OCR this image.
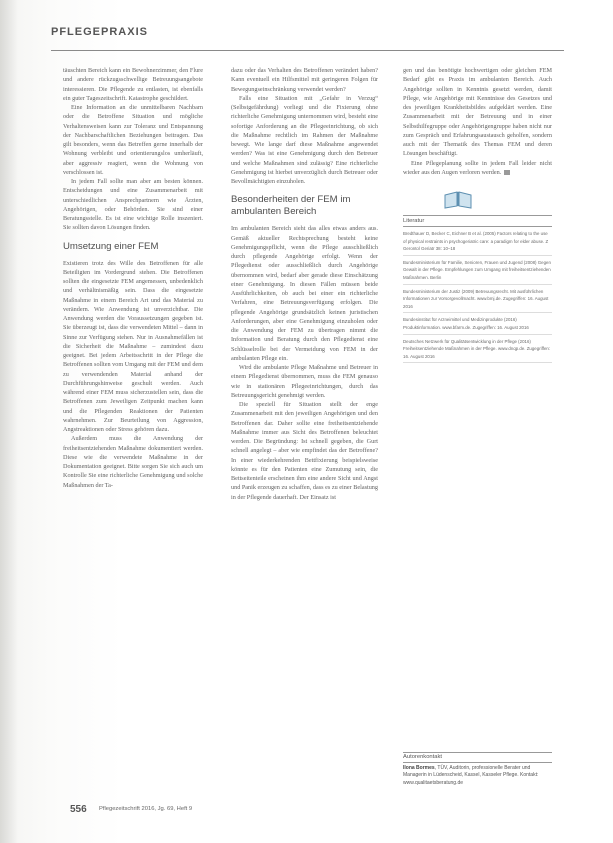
PFLEGEPRAXIS

täuschten Bereich kann ein Bewohnerzimmer, den Flure und andere rückzugsschwellige Betreuungsangebote interessieren. Die Pflegende zu entlasten, ist ebenfalls ein guter Tageszeitschrift. Katastrophe geschildert.

Eine Information an die unmittelbaren Nachbarn oder die Betroffene Situation und mögliche Verhaltensweisen kann zur Toleranz und Entspannung der Nachbarschaftlichen Beziehungen beitragen. Das gilt besonders, wenn das Betreffen gerne innerhalb der Wohnung verbleibt und orientierungslos umherläuft, aber aggressiv reagiert, wenn die Wohnung von verschlossen ist.

In jedem Fall sollte man aber am besten können. Entscheidungen und eine Zusammenarbeit mit unterschiedlichen Ansprechpartnern wie Ärzten, Angehörigen, oder Behörden. Sie sind einer Beratungsstelle. Es ist eine wichtige Rolle inszeniert. Sie sollten davon Lösungen finden.

Umsetzung einer FEM

Existieren trotz des Wille des Betroffenen für alle Beteiligten im Vordergrund stehen. Die Betroffenen sollten die eingesetzte FEM angemessen, unbedenklich und verhältnismäßig sein. Dass die eingesetzte Maßnahme in einem Bereich Art und das Material zu verändern. Wie Anwendung ist unverzichtbar. Die Anwendung werden die Voraussetzungen gegeben ist. Sie überzeugt ist, dass die verwendeten Mittel – dann in Sinne zur Verfügung stehen. Nur in Ausnahmefällen ist die Sicherheit die Maßnahme – zumindest dazu geeignet. Bei jedem Arbeitsschritt in der Pflege die Betroffenen sollten vom Umgang mit der FEM und dem zu verwendenden Material anhand der Durchführungshinweise geschult werden. Auch während einer FEM muss sicherzustellen sein, dass die Betroffenen zum Jeweiligen Zeitpunkt machen kann und die Pflegenden Reaktionen der Patienten wahrnehmen. Zur Beurteilung von Aggression, Angstreaktionen oder Stress gehören dazu.

Außerdem muss die Anwendung der freiheitsentziehenden Maßnahme dokumentiert werden. Diese wie die verwendete Maßnahme in der Dokumentation geeignet. Bitte sorgen Sie sich auch um Kontrolle Sie eine richterliche Genehmigung und solche Maßnahmen der Ta-

dazu oder das Verhalten des Betroffenen verändert haben? Kann eventuell ein Hilfsmittel mit geringeren Folgen für Bewegungseinschränkung verwendet werden?

Falls eine Situation mit „Gefahr in Verzug“ (Selbstgefährdung) vorliegt und die Fixierung ohne richterliche Genehmigung unternommen wird, besteht eine sofortige Anforderung an die Pflegeeinrichtung, ob sich die Maßnahme rechtlich im Rahmen der Maßnahme bewegt. Wie lange darf diese Maßnahme angewendet werden? Was ist eine Genehmigung durch den Betreuer und welche Maßnahmen sind zulässig? Eine richterliche Genehmigung ist hierbei unverzüglich durch Betreuer oder Bevollmächtigten einzuholen.

Besonderheiten der FEM im ambulanten Bereich

Im ambulanten Bereich sieht das alles etwas anders aus. Gemäß aktueller Rechtsprechung besteht keine Genehmigungspflicht, wenn die Pflege ausschließlich durch pflegende Angehörige erfolgt. Wenn der Pflegedienst oder ausschließlich durch Angehörige übernommen wird, bedarf aber gerade diese Einschätzung einer Genehmigung. In diesen Fällen müssen beide Ausführlichkeiten, ob auch bei einer ein richterliche Verfahren, eine Betreuungsverfügung erfolgen. Die pflegende Angehörige grundsätzlich keinen juristischen Anforderungen, aber eine Genehmigung einzuholen oder die Anwendung der FEM zu übertragen nimmt die Information und Beratung durch den Pflegedienst eine Schlüsselrolle bei der Vermeidung von FEM in der ambulanten Pflege ein.

Wird die ambulante Pflege Maßnahme und Betreuer in einem Pflegedienst übernommen, muss die FEM genauso wie in stationären Pflegeeinrichtungen, durch das Betreuungsgericht genehmigt werden.

Die speziell für Situation stellt der enge Zusammenarbeit mit den jeweiligen Angehörigen und den Betroffenen dar. Daher sollte eine freiheitsentziehende Maßnahme immer aus Sicht des Betroffenen beleuchtet werden. Die Begründung: Ist schnell gegeben, die Gurt schnell angelegt – aber wie empfindet das der Betroffene? In einer wiederkehrenden Bettfixierung beispielsweise könnte es für den Patienten eine Zumutung sein, die Bettseitenteile erscheinen ihm eine andere Sicht und Angst und Panik erzeugen zu schaffen, dass es zu einer Belastung in der Pflegende dauerhaft. Der Einsatz ist

gen und das benötigte hochwertigen oder gleichen FEM Bedarf gibt es Praxis im ambulanten Bereich. Auch Angehörige sollten in Kenntnis gesetzt werden, damit Pflege, wie Angehörige mit Kenntnisse des Gesetzes und des jeweiligen Krankheitsbildes aufgeklärt werden. Eine Zusammenarbeit mit der Betreuung und in einer Selbsthilfegruppe oder Angehörigengruppe haben nicht nur zum Gespräch und Erfahrungsaustausch geholfen, sondern auch mit der Thematik des Themas FEM und deren Lösungen beschäftigt.

Eine Pflegeplanung sollte in jedem Fall leider nicht wieder aus den Augen verloren werden.

Literatur
Bredthauer D, Becker C, Eichner B et al. (2005) Factors relating to the use of physical restraints in psychogeriatric care: a paradigm for elder abuse. Z Gerontol Geriatr 38: 10–18
Bundesministerium für Familie, Senioren, Frauen und Jugend (2008) Gegen Gewalt in der Pflege. Empfehlungen zum Umgang mit freiheitsentziehenden Maßnahmen. Berlin
Bundesministerium der Justiz (2009) Betreuungsrecht. Mit ausführlichen Informationen zur Vorsorgevollmacht. www.bmj.de. Zugegriffen: 16. August 2016
Bundesinstitut für Arzneimittel und Medizinprodukte (2016) Produktinformation. www.bfarm.de. Zugegriffen: 16. August 2016
Deutsches Netzwerk für Qualitätsentwicklung in der Pflege (2016) Freiheitsentziehende Maßnahmen in der Pflege. www.dnqp.de. Zugegriffen: 16. August 2016
Autorenkontakt
Ilona Bormes, TÜV, Auditorin, professionelle Berater und Managerin in Lüdenscheid, Kassel, Kasseler Pflege. Kontakt: www.qualitaetsberatung.de
556 Pflegezeitschrift 2016, Jg. 69, Heft 9
